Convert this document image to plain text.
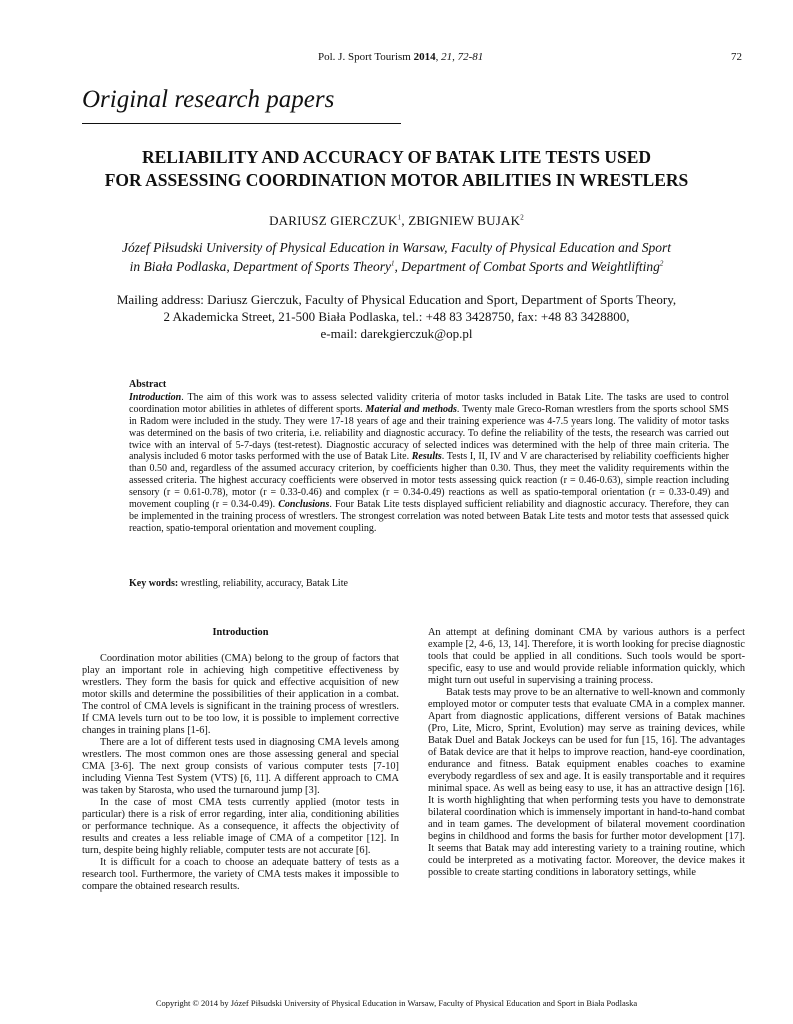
Pol. J. Sport Tourism 2014, 21, 72-81	72
Original research papers
RELIABILITY AND ACCURACY OF BATAK LITE TESTS USED
FOR ASSESSING COORDINATION MOTOR ABILITIES IN WRESTLERS
DARIUSZ GIERCZUK$^1$, ZBIGNIEW BUJAK$^2$
Józef Piłsudski University of Physical Education in Warsaw, Faculty of Physical Education and Sport
in Biała Podlaska, Department of Sports Theory$^1$, Department of Combat Sports and Weightlifting$^2$
Mailing address: Dariusz Gierczuk, Faculty of Physical Education and Sport, Department of Sports Theory,
2 Akademicka Street, 21-500 Biała Podlaska, tel.: +48 83 3428750, fax: +48 83 3428800,
e-mail: darekgierczuk@op.pl
Abstract
Introduction. The aim of this work was to assess selected validity criteria of motor tasks included in Batak Lite. The tasks are used to control coordination motor abilities in athletes of different sports. Material and methods. Twenty male Greco-Roman wrestlers from the sports school SMS in Radom were included in the study. They were 17-18 years of age and their training experience was 4-7.5 years long. The validity of motor tasks was determined on the basis of two criteria, i.e. reliability and diagnostic accuracy. To define the reliability of the tests, the research was carried out twice with an interval of 5-7-days (test-retest). Diagnostic accuracy of selected indices was determined with the help of three main criteria. The analysis included 6 motor tasks performed with the use of Batak Lite. Results. Tests I, II, IV and V are characterised by reliability coefficients higher than 0.50 and, regardless of the assumed accuracy criterion, by coefficients higher than 0.30. Thus, they meet the validity requirements within the assessed criteria. The highest accuracy coefficients were observed in motor tests assessing quick reaction (r = 0.46-0.63), simple reaction including sensory (r = 0.61-0.78), motor (r = 0.33-0.46) and complex (r = 0.34-0.49) reactions as well as spatio-temporal orientation (r = 0.33-0.49) and movement coupling (r = 0.34-0.49). Conclusions. Four Batak Lite tests displayed sufficient reliability and diagnostic accuracy. Therefore, they can be implemented in the training process of wrestlers. The strongest correlation was noted between Batak Lite tests and motor tests that assessed quick reaction, spatio-temporal orientation and movement coupling.
Key words: wrestling, reliability, accuracy, Batak Lite
Introduction

Coordination motor abilities (CMA) belong to the group of factors that play an important role in achieving high competitive effectiveness by wrestlers. They form the basis for quick and effective acquisition of new motor skills and determine the possibilities of their application in a combat. The control of CMA levels is significant in the training process of wrestlers. If CMA levels turn out to be too low, it is possible to implement corrective changes in training plans [1-6].

There are a lot of different tests used in diagnosing CMA levels among wrestlers. The most common ones are those assessing general and special CMA [3-6]. The next group consists of various computer tests [7-10] including Vienna Test System (VTS) [6, 11]. A different approach to CMA was taken by Starosta, who used the turnaround jump [3].

In the case of most CMA tests currently applied (motor tests in particular) there is a risk of error regarding, inter alia, conditioning abilities or performance technique. As a consequence, it affects the objectivity of results and creates a less reliable image of CMA of a competitor [12]. In turn, despite being highly reliable, computer tests are not accurate [6].

It is difficult for a coach to choose an adequate battery of tests as a research tool. Furthermore, the variety of CMA tests makes it impossible to compare the obtained research results.

An attempt at defining dominant CMA by various authors is a perfect example [2, 4-6, 13, 14]. Therefore, it is worth looking for precise diagnostic tools that could be applied in all conditions. Such tools would be sport-specific, easy to use and would provide reliable information quickly, which might turn out useful in supervising a training process.

Batak tests may prove to be an alternative to well-known and commonly employed motor or computer tests that evaluate CMA in a complex manner. Apart from diagnostic applications, different versions of Batak machines (Pro, Lite, Micro, Sprint, Evolution) may serve as training devices, while Batak Duel and Batak Jockeys can be used for fun [15, 16]. The advantages of Batak device are that it helps to improve reaction, hand-eye coordination, endurance and fitness. Batak equipment enables coaches to examine everybody regardless of sex and age. It is easily transportable and it requires minimal space. As well as being easy to use, it has an attractive design [16]. It is worth highlighting that when performing tests you have to demonstrate bilateral coordination which is immensely important in hand-to-hand combat and in team games. The development of bilateral movement coordination begins in childhood and forms the basis for further motor development [17]. It seems that Batak may add interesting variety to a training routine, which could be interpreted as a motivating factor. Moreover, the device makes it possible to create starting conditions in laboratory settings, while

Copyright © 2014 by Józef Piłsudski University of Physical Education in Warsaw, Faculty of Physical Education and Sport in Biała Podlaska
